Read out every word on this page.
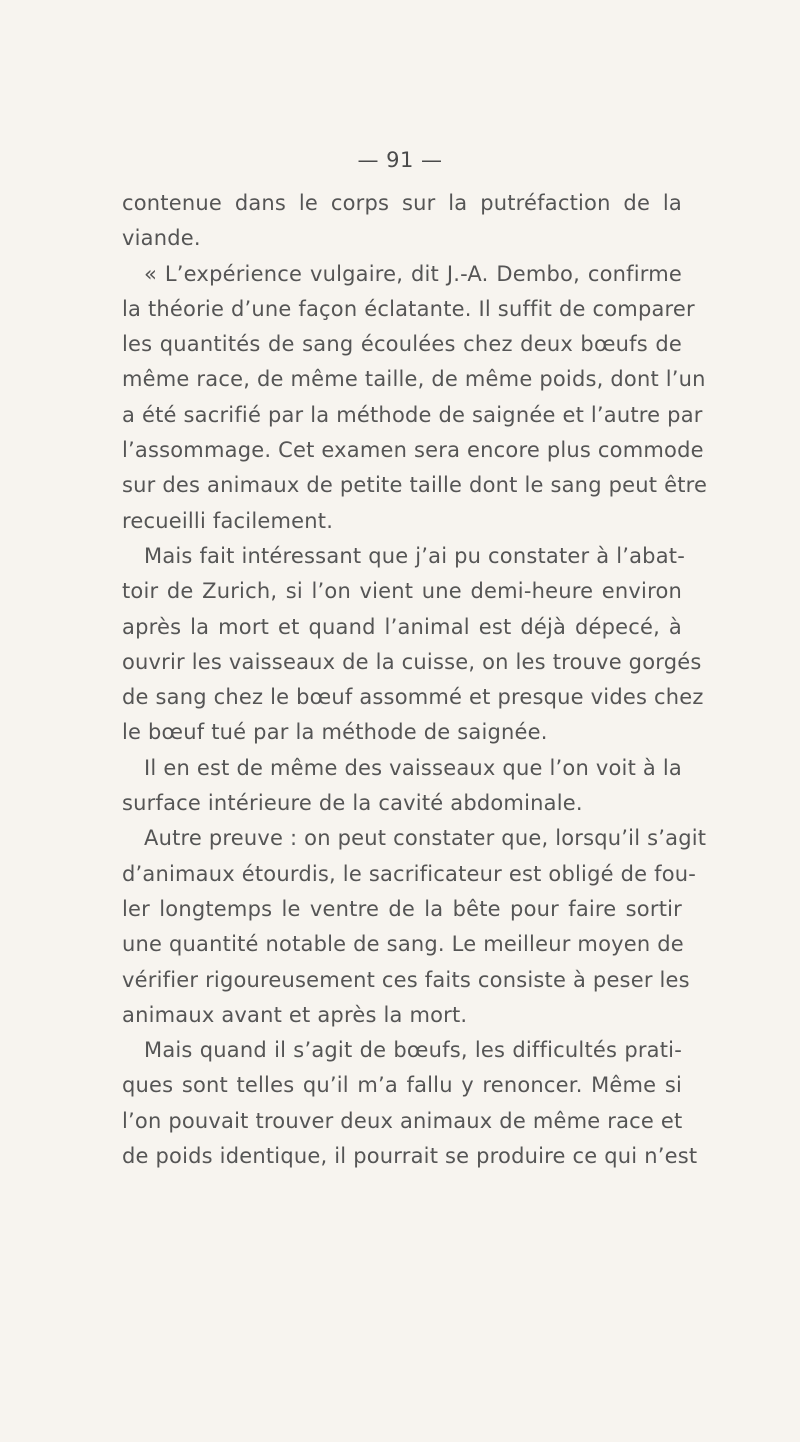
— 91 —
contenue dans le corps sur la putréfaction de la
viande.
« L’expérience vulgaire, dit J.-A. Dembo, confirme
la théorie d’une façon éclatante. Il suffit de comparer
les quantités de sang écoulées chez deux bœufs de
même race, de même taille, de même poids, dont l’un
a été sacrifié par la méthode de saignée et l’autre par
l’assommage. Cet examen sera encore plus commode
sur des animaux de petite taille dont le sang peut être
recueilli facilement.
Mais fait intéressant que j’ai pu constater à l’abat-
toir de Zurich, si l’on vient une demi-heure environ
après la mort et quand l’animal est déjà dépecé, à
ouvrir les vaisseaux de la cuisse, on les trouve gorgés
de sang chez le bœuf assommé et presque vides chez
le bœuf tué par la méthode de saignée.
Il en est de même des vaisseaux que l’on voit à la
surface intérieure de la cavité abdominale.
Autre preuve : on peut constater que, lorsqu’il s’agit
d’animaux étourdis, le sacrificateur est obligé de fou-
ler longtemps le ventre de la bête pour faire sortir
une quantité notable de sang. Le meilleur moyen de
vérifier rigoureusement ces faits consiste à peser les
animaux avant et après la mort.
Mais quand il s’agit de bœufs, les difficultés prati-
ques sont telles qu’il m’a fallu y renoncer. Même si
l’on pouvait trouver deux animaux de même race et
de poids identique, il pourrait se produire ce qui n’est
